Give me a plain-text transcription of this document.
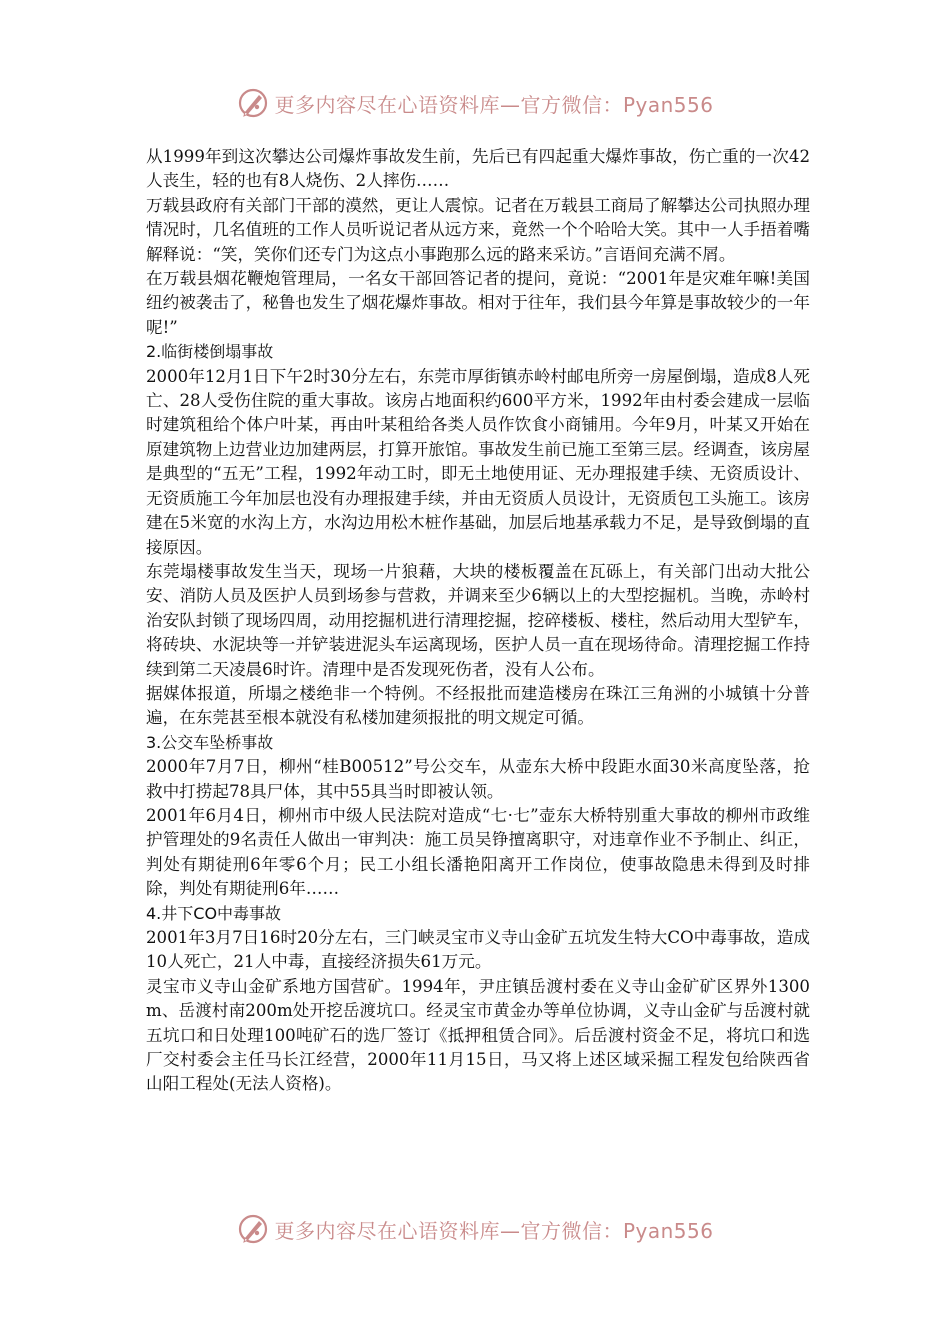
更多内容尽在心语资料库—官方微信：Pyan556

从1999年到这次攀达公司爆炸事故发生前，先后已有四起重大爆炸事故，伤亡重的一次42人丧生，轻的也有8人烧伤、2人摔伤……

万载县政府有关部门干部的漠然，更让人震惊。记者在万载县工商局了解攀达公司执照办理情况时，几名值班的工作人员听说记者从远方来，竟然一个个哈哈大笑。其中一人手捂着嘴解释说：“笑，笑你们还专门为这点小事跑那么远的路来采访。”言语间充满不屑。

在万载县烟花鞭炮管理局，一名女干部回答记者的提问，竟说：“2001年是灾难年嘛!美国纽约被袭击了，秘鲁也发生了烟花爆炸事故。相对于往年，我们县今年算是事故较少的一年呢!”

2.临街楼倒塌事故

2000年12月1日下午2时30分左右，东莞市厚街镇赤岭村邮电所旁一房屋倒塌，造成8人死亡、28人受伤住院的重大事故。该房占地面积约600平方米，1992年由村委会建成一层临时建筑租给个体户叶某，再由叶某租给各类人员作饮食小商铺用。今年9月，叶某又开始在原建筑物上边营业边加建两层，打算开旅馆。事故发生前已施工至第三层。经调查，该房屋是典型的“五无”工程，1992年动工时，即无土地使用证、无办理报建手续、无资质设计、无资质施工今年加层也没有办理报建手续，并由无资质人员设计，无资质包工头施工。该房建在5米宽的水沟上方，水沟边用松木桩作基础，加层后地基承载力不足，是导致倒塌的直接原因。

东莞塌楼事故发生当天，现场一片狼藉，大块的楼板覆盖在瓦砾上，有关部门出动大批公安、消防人员及医护人员到场参与营救，并调来至少6辆以上的大型挖掘机。当晚，赤岭村治安队封锁了现场四周，动用挖掘机进行清理挖掘，挖碎楼板、楼柱，然后动用大型铲车，将砖块、水泥块等一并铲装进泥头车运离现场，医护人员一直在现场待命。清理挖掘工作持续到第二天凌晨6时许。清理中是否发现死伤者，没有人公布。

据媒体报道，所塌之楼绝非一个特例。不经报批而建造楼房在珠江三角洲的小城镇十分普遍，在东莞甚至根本就没有私楼加建须报批的明文规定可循。

3.公交车坠桥事故

2000年7月7日，柳州“桂B00512”号公交车，从壶东大桥中段距水面30米高度坠落，抢救中打捞起78具尸体，其中55具当时即被认领。

2001年6月4日，柳州市中级人民法院对造成“七·七”壶东大桥特别重大事故的柳州市政维护管理处的9名责任人做出一审判决：施工员吴铮擅离职守，对违章作业不予制止、纠正，判处有期徒刑6年零6个月；民工小组长潘艳阳离开工作岗位，使事故隐患未得到及时排除，判处有期徒刑6年……

4.井下CO中毒事故

2001年3月7日16时20分左右，三门峡灵宝市义寺山金矿五坑发生特大CO中毒事故，造成10人死亡，21人中毒，直接经济损失61万元。

灵宝市义寺山金矿系地方国营矿。1994年，尹庄镇岳渡村委在义寺山金矿矿区界外1300m、岳渡村南200m处开挖岳渡坑口。经灵宝市黄金办等单位协调，义寺山金矿与岳渡村就五坑口和日处理100吨矿石的选厂签订《抵押租赁合同》。后岳渡村资金不足，将坑口和选厂交村委会主任马长江经营，2000年11月15日，马又将上述区域采掘工程发包给陕西省山阳工程处(无法人资格)。

更多内容尽在心语资料库—官方微信：Pyan556
